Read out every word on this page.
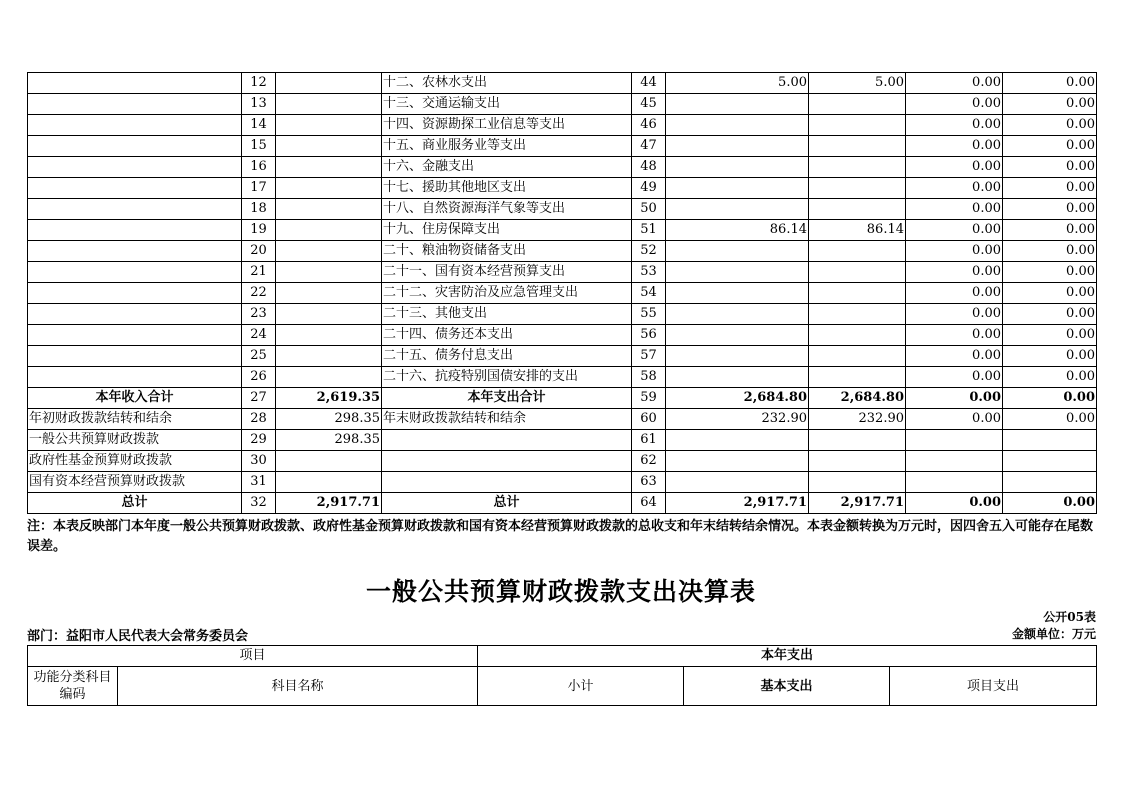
	12		十二、农林水支出	44	5.00	5.00	0.00	0.00
	13		十三、交通运输支出	45			0.00	0.00
	14		十四、资源勘探工业信息等支出	46			0.00	0.00
	15		十五、商业服务业等支出	47			0.00	0.00
	16		十六、金融支出	48			0.00	0.00
	17		十七、援助其他地区支出	49			0.00	0.00
	18		十八、自然资源海洋气象等支出	50			0.00	0.00
	19		十九、住房保障支出	51	86.14	86.14	0.00	0.00
	20		二十、粮油物资储备支出	52			0.00	0.00
	21		二十一、国有资本经营预算支出	53			0.00	0.00
	22		二十二、灾害防治及应急管理支出	54			0.00	0.00
	23		二十三、其他支出	55			0.00	0.00
	24		二十四、债务还本支出	56			0.00	0.00
	25		二十五、债务付息支出	57			0.00	0.00
	26		二十六、抗疫特别国债安排的支出	58			0.00	0.00
本年收入合计	27	2,619.35	本年支出合计	59	2,684.80	2,684.80	0.00	0.00
年初财政拨款结转和结余	28	298.35	年末财政拨款结转和结余	60	232.90	232.90	0.00	0.00
一般公共预算财政拨款	29	298.35		61				
政府性基金预算财政拨款	30			62				
国有资本经营预算财政拨款	31			63				
总计	32	2,917.71	总计	64	2,917.71	2,917.71	0.00	0.00
注：本表反映部门本年度一般公共预算财政拨款、政府性基金预算财政拨款和国有资本经营预算财政拨款的总收支和年末结转结余情况。本表金额转换为万元时，因四舍五入可能存在尾数误差。
一般公共预算财政拨款支出决算表
公开05表
部门：益阳市人民代表大会常务委员会	金额单位：万元
项目		本年支出		
功能分类科目编码	科目名称	小计	基本支出	项目支出
